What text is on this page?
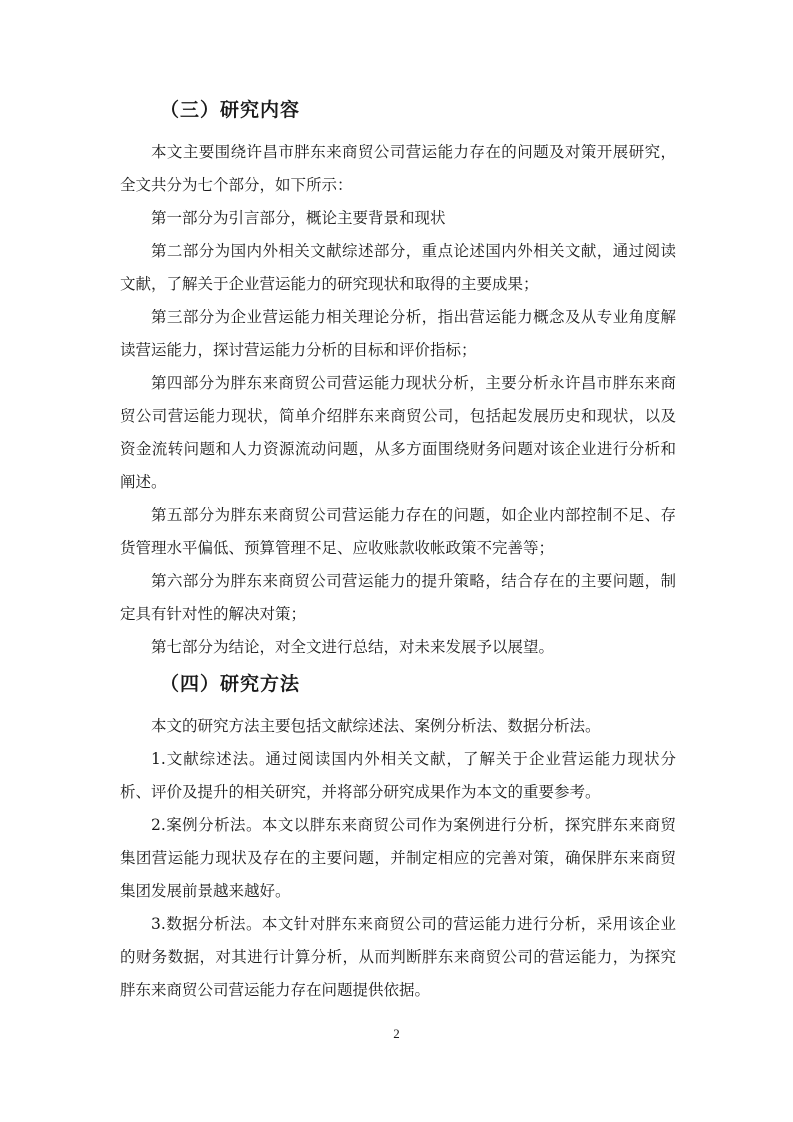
（三）研究内容

本文主要围绕许昌市胖东来商贸公司营运能力存在的问题及对策开展研究，全文共分为七个部分，如下所示：

第一部分为引言部分，概论主要背景和现状

第二部分为国内外相关文献综述部分，重点论述国内外相关文献，通过阅读文献，了解关于企业营运能力的研究现状和取得的主要成果；

第三部分为企业营运能力相关理论分析，指出营运能力概念及从专业角度解读营运能力，探讨营运能力分析的目标和评价指标；

第四部分为胖东来商贸公司营运能力现状分析，主要分析永许昌市胖东来商贸公司营运能力现状，简单介绍胖东来商贸公司，包括起发展历史和现状，以及资金流转问题和人力资源流动问题，从多方面围绕财务问题对该企业进行分析和阐述。

第五部分为胖东来商贸公司营运能力存在的问题，如企业内部控制不足、存货管理水平偏低、预算管理不足、应收账款收帐政策不完善等；

第六部分为胖东来商贸公司营运能力的提升策略，结合存在的主要问题，制定具有针对性的解决对策；

第七部分为结论，对全文进行总结，对未来发展予以展望。

（四）研究方法

本文的研究方法主要包括文献综述法、案例分析法、数据分析法。

1.文献综述法。通过阅读国内外相关文献，了解关于企业营运能力现状分析、评价及提升的相关研究，并将部分研究成果作为本文的重要参考。

2.案例分析法。本文以胖东来商贸公司作为案例进行分析，探究胖东来商贸集团营运能力现状及存在的主要问题，并制定相应的完善对策，确保胖东来商贸集团发展前景越来越好。

3.数据分析法。本文针对胖东来商贸公司的营运能力进行分析，采用该企业的财务数据，对其进行计算分析，从而判断胖东来商贸公司的营运能力，为探究胖东来商贸公司营运能力存在问题提供依据。

2
